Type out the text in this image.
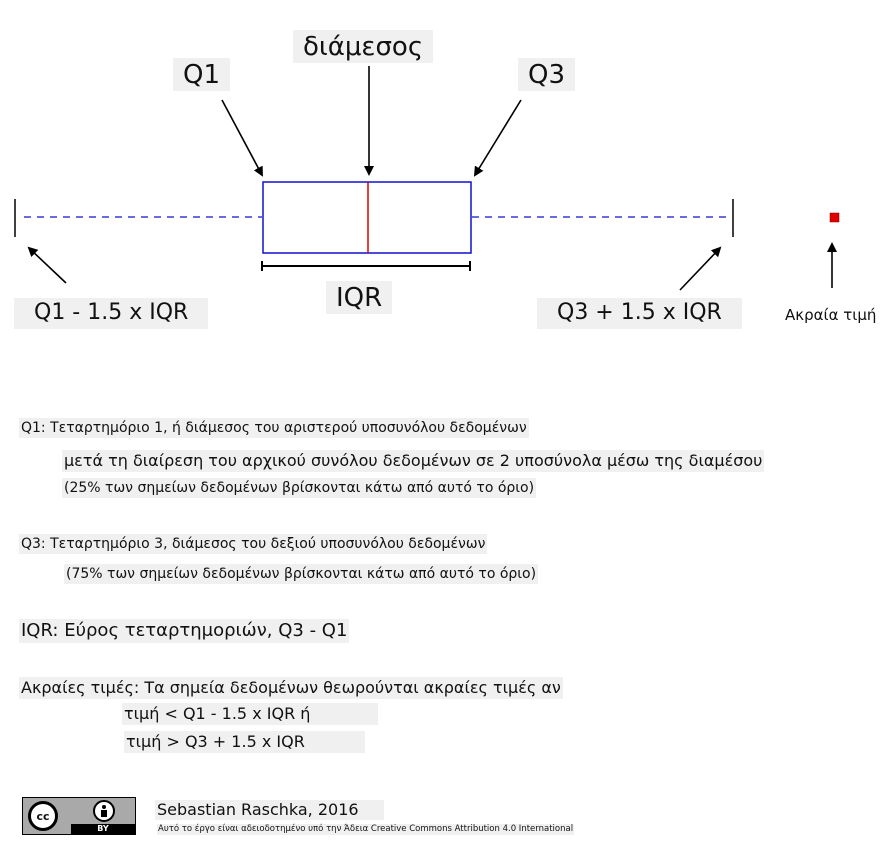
διάμεσος
Q1	Q3
IQR
Q1 - 1.5 x IQR	Q3 + 1.5 x IQR	Ακραία τιμή
Q1: Τεταρτημόριο 1, ή διάμεσος του αριστερού υποσυνόλου δεδομένων
μετά τη διαίρεση του αρχικού συνόλου δεδομένων σε 2 υποσύνολα μέσω της διαμέσου
(25% των σημείων δεδομένων βρίσκονται κάτω από αυτό το όριο)
Q3: Τεταρτημόριο 3, διάμεσος του δεξιού υποσυνόλου δεδομένων
(75% των σημείων δεδομένων βρίσκονται κάτω από αυτό το όριο)
IQR: Εύρος τεταρτημοριών, Q3 - Q1
Ακραίες τιμές: Τα σημεία δεδομένων θεωρούνται ακραίες τιμές αν
τιμή < Q1 - 1.5 x IQR ή
τιμή > Q3 + 1.5 x IQR
cc
BY
Sebastian Raschka, 2016
Αυτό το έργο είναι αδειοδοτημένο υπό την Άδεια Creative Commons Attribution 4.0 International
